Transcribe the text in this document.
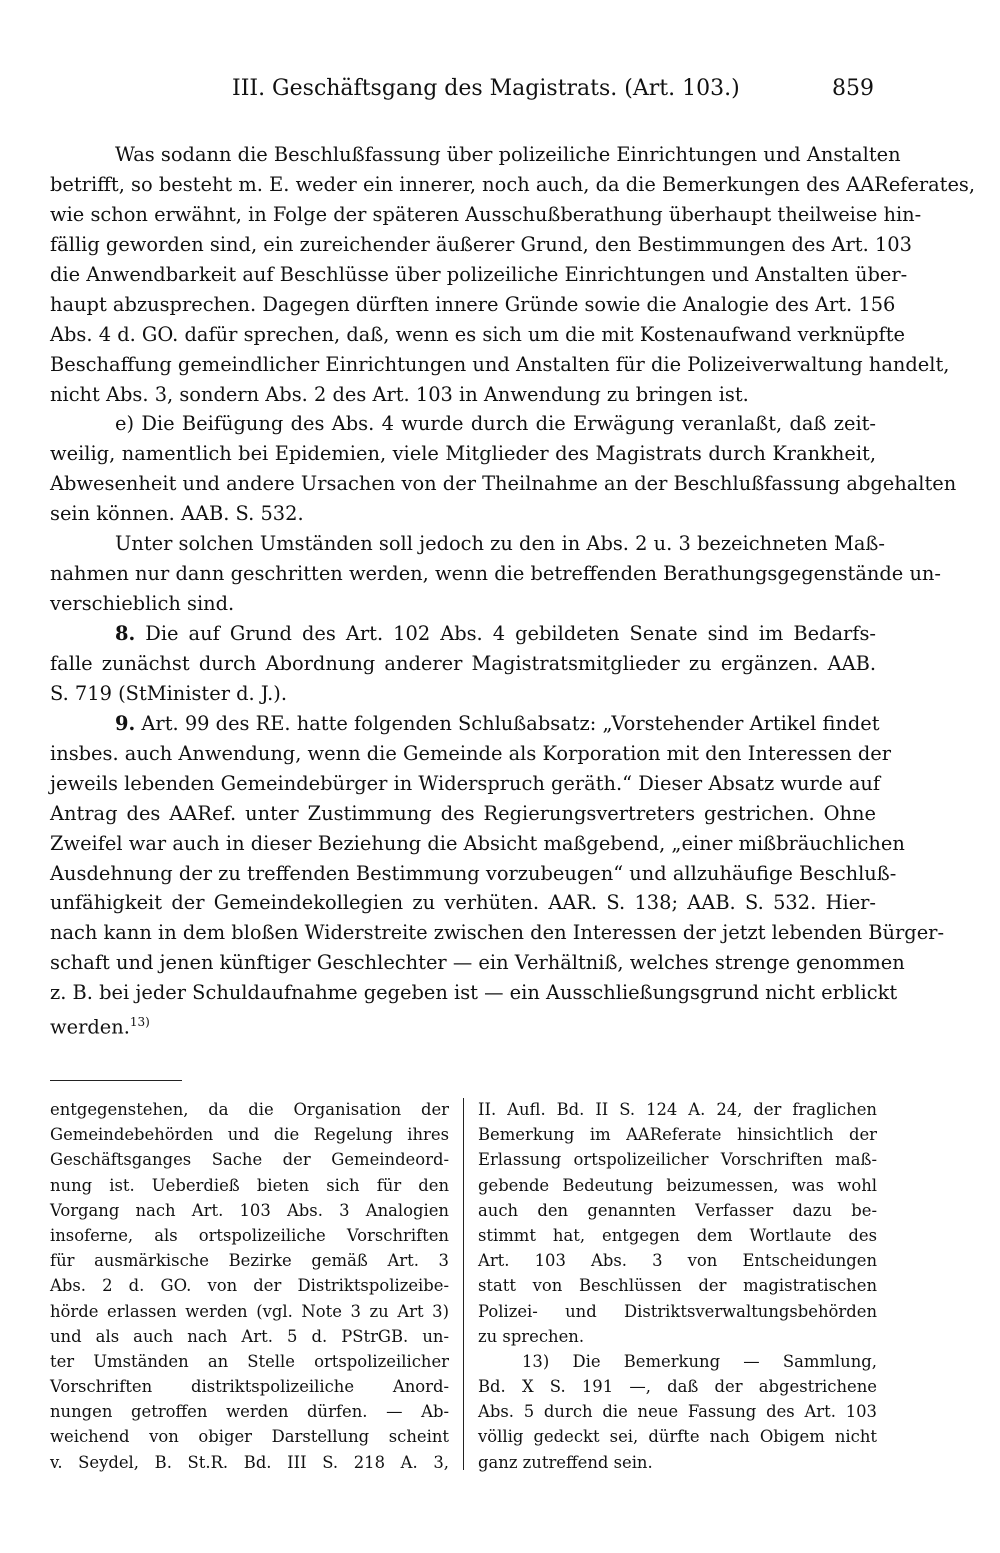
III. Geschäftsgang des Magistrats. (Art. 103.)	859
Was sodann die Beschlußfassung über polizeiliche Einrichtungen und Anstalten
betrifft, so besteht m. E. weder ein innerer, noch auch, da die Bemerkungen des AAReferates,
wie schon erwähnt, in Folge der späteren Ausschußberathung überhaupt theilweise hin-
fällig geworden sind, ein zureichender äußerer Grund, den Bestimmungen des Art. 103
die Anwendbarkeit auf Beschlüsse über polizeiliche Einrichtungen und Anstalten über-
haupt abzusprechen. Dagegen dürften innere Gründe sowie die Analogie des Art. 156
Abs. 4 d. GO. dafür sprechen, daß, wenn es sich um die mit Kostenaufwand verknüpfte
Beschaffung gemeindlicher Einrichtungen und Anstalten für die Polizeiverwaltung handelt,
nicht Abs. 3, sondern Abs. 2 des Art. 103 in Anwendung zu bringen ist.
e) Die Beifügung des Abs. 4 wurde durch die Erwägung veranlaßt, daß zeit-
weilig, namentlich bei Epidemien, viele Mitglieder des Magistrats durch Krankheit,
Abwesenheit und andere Ursachen von der Theilnahme an der Beschlußfassung abgehalten
sein können. AAB. S. 532.
Unter solchen Umständen soll jedoch zu den in Abs. 2 u. 3 bezeichneten Maß-
nahmen nur dann geschritten werden, wenn die betreffenden Berathungsgegenstände un-
verschieblich sind.
8. Die auf Grund des Art. 102 Abs. 4 gebildeten Senate sind im Bedarfs-
falle zunächst durch Abordnung anderer Magistratsmitglieder zu ergänzen. AAB.
S. 719 (StMinister d. J.).
9. Art. 99 des RE. hatte folgenden Schlußabsatz: „Vorstehender Artikel findet
insbes. auch Anwendung, wenn die Gemeinde als Korporation mit den Interessen der
jeweils lebenden Gemeindebürger in Widerspruch geräth.“ Dieser Absatz wurde auf
Antrag des AARef. unter Zustimmung des Regierungsvertreters gestrichen. Ohne
Zweifel war auch in dieser Beziehung die Absicht maßgebend, „einer mißbräuchlichen
Ausdehnung der zu treffenden Bestimmung vorzubeugen“ und allzuhäufige Beschluß-
unfähigkeit der Gemeindekollegien zu verhüten. AAR. S. 138; AAB. S. 532. Hier-
nach kann in dem bloßen Widerstreite zwischen den Interessen der jetzt lebenden Bürger-
schaft und jenen künftiger Geschlechter — ein Verhältniß, welches strenge genommen
z. B. bei jeder Schuldaufnahme gegeben ist — ein Ausschließungsgrund nicht erblickt
werden.$^{13)}$
entgegenstehen, da die Organisation der
Gemeindebehörden und die Regelung ihres
Geschäftsganges Sache der Gemeindeord-
nung ist. Ueberdieß bieten sich für den
Vorgang nach Art. 103 Abs. 3 Analogien
insoferne, als ortspolizeiliche Vorschriften
für ausmärkische Bezirke gemäß Art. 3
Abs. 2 d. GO. von der Distriktspolizeibe-
hörde erlassen werden (vgl. Note 3 zu Art 3)
und als auch nach Art. 5 d. PStrGB. un-
ter Umständen an Stelle ortspolizeilicher
Vorschriften distriktspolizeiliche Anord-
nungen getroffen werden dürfen. — Ab-
weichend von obiger Darstellung scheint
v. Seydel, B. St.R. Bd. III S. 218 A. 3,
II. Aufl. Bd. II S. 124 A. 24, der fraglichen
Bemerkung im AAReferate hinsichtlich der
Erlassung ortspolizeilicher Vorschriften maß-
gebende Bedeutung beizumessen, was wohl
auch den genannten Verfasser dazu be-
stimmt hat, entgegen dem Wortlaute des
Art. 103 Abs. 3 von Entscheidungen
statt von Beschlüssen der magistratischen
Polizei- und Distriktsverwaltungsbehörden
zu sprechen.
13) Die Bemerkung — Sammlung,
Bd. X S. 191 —, daß der abgestrichene
Abs. 5 durch die neue Fassung des Art. 103
völlig gedeckt sei, dürfte nach Obigem nicht
ganz zutreffend sein.
